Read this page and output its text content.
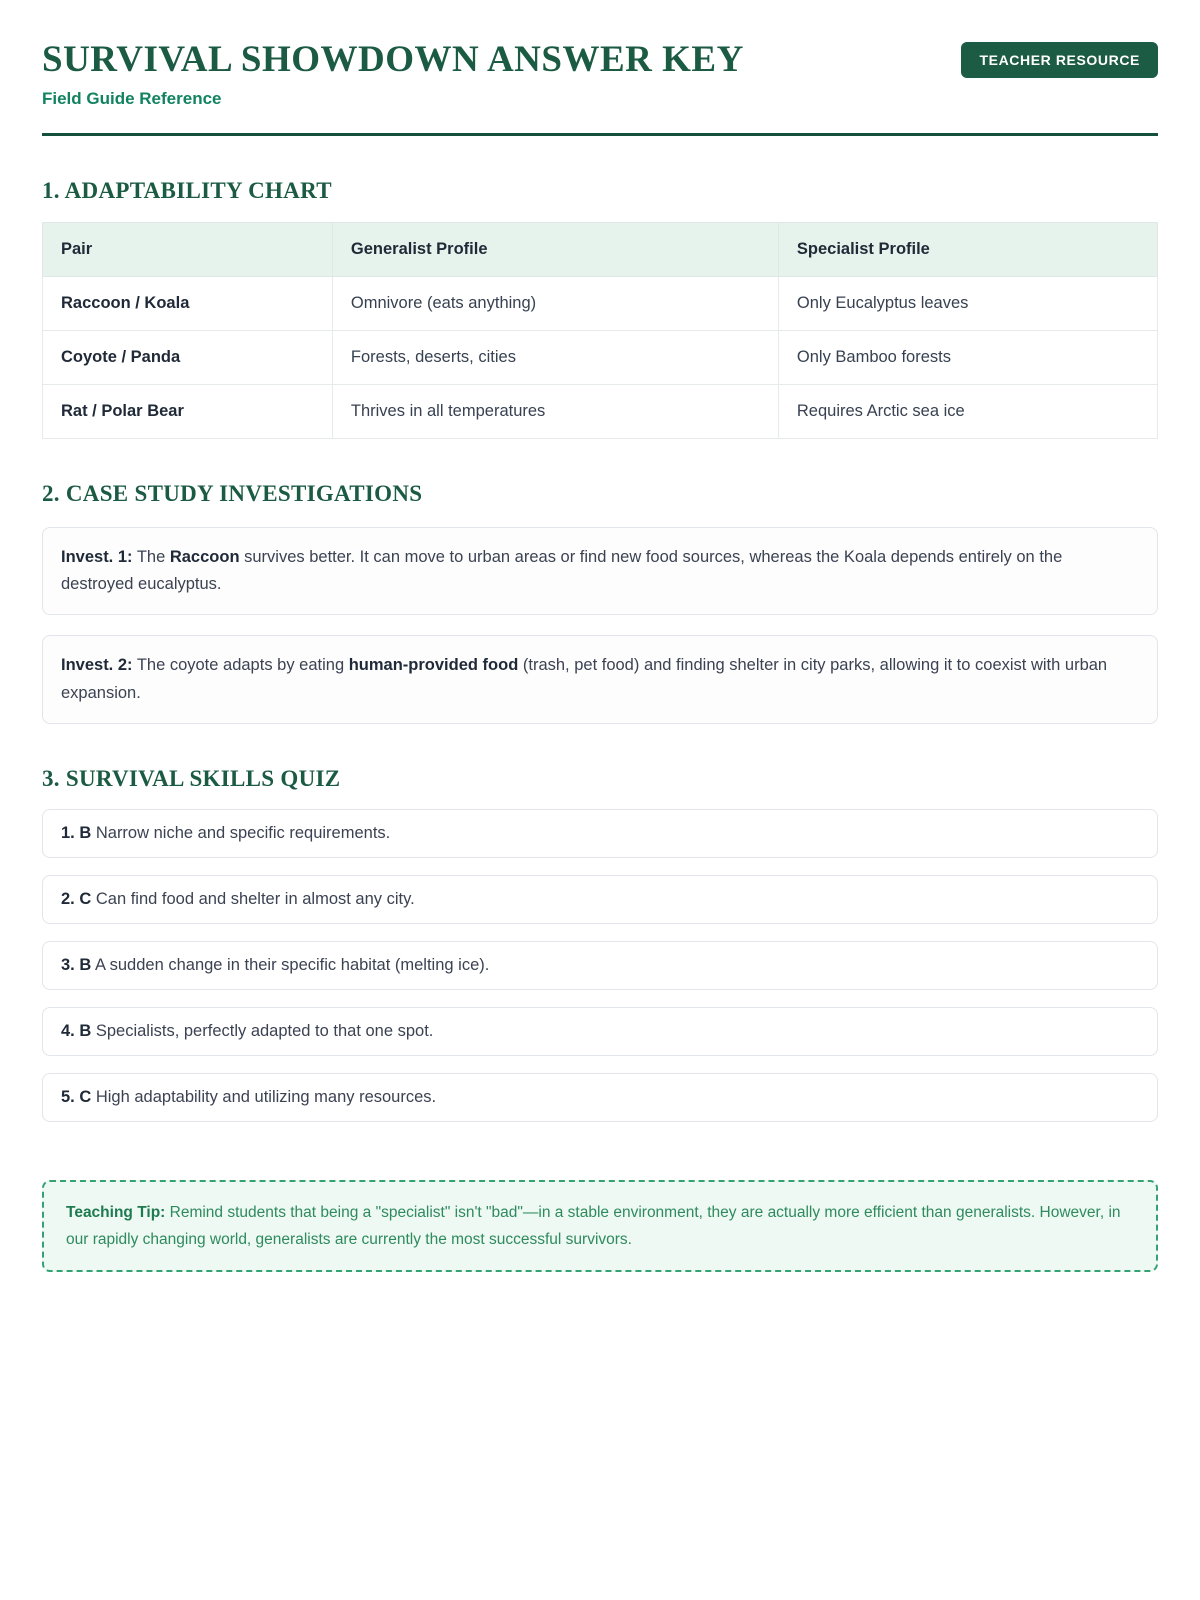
SURVIVAL SHOWDOWN ANSWER KEY
Field Guide Reference
TEACHER RESOURCE
1. ADAPTABILITY CHART
Pair	Generalist Profile	Specialist Profile
Raccoon / Koala	Omnivore (eats anything)	Only Eucalyptus leaves
Coyote / Panda	Forests, deserts, cities	Only Bamboo forests
Rat / Polar Bear	Thrives in all temperatures	Requires Arctic sea ice
2. CASE STUDY INVESTIGATIONS
Invest. 1: The Raccoon survives better. It can move to urban areas or find new food sources, whereas the Koala depends entirely on the destroyed eucalyptus.
Invest. 2: The coyote adapts by eating human-provided food (trash, pet food) and finding shelter in city parks, allowing it to coexist with urban expansion.
3. SURVIVAL SKILLS QUIZ
1. B Narrow niche and specific requirements.
2. C Can find food and shelter in almost any city.
3. B A sudden change in their specific habitat (melting ice).
4. B Specialists, perfectly adapted to that one spot.
5. C High adaptability and utilizing many resources.
Teaching Tip: Remind students that being a "specialist" isn't "bad"—in a stable environment, they are actually more efficient than generalists. However, in our rapidly changing world, generalists are currently the most successful survivors.
